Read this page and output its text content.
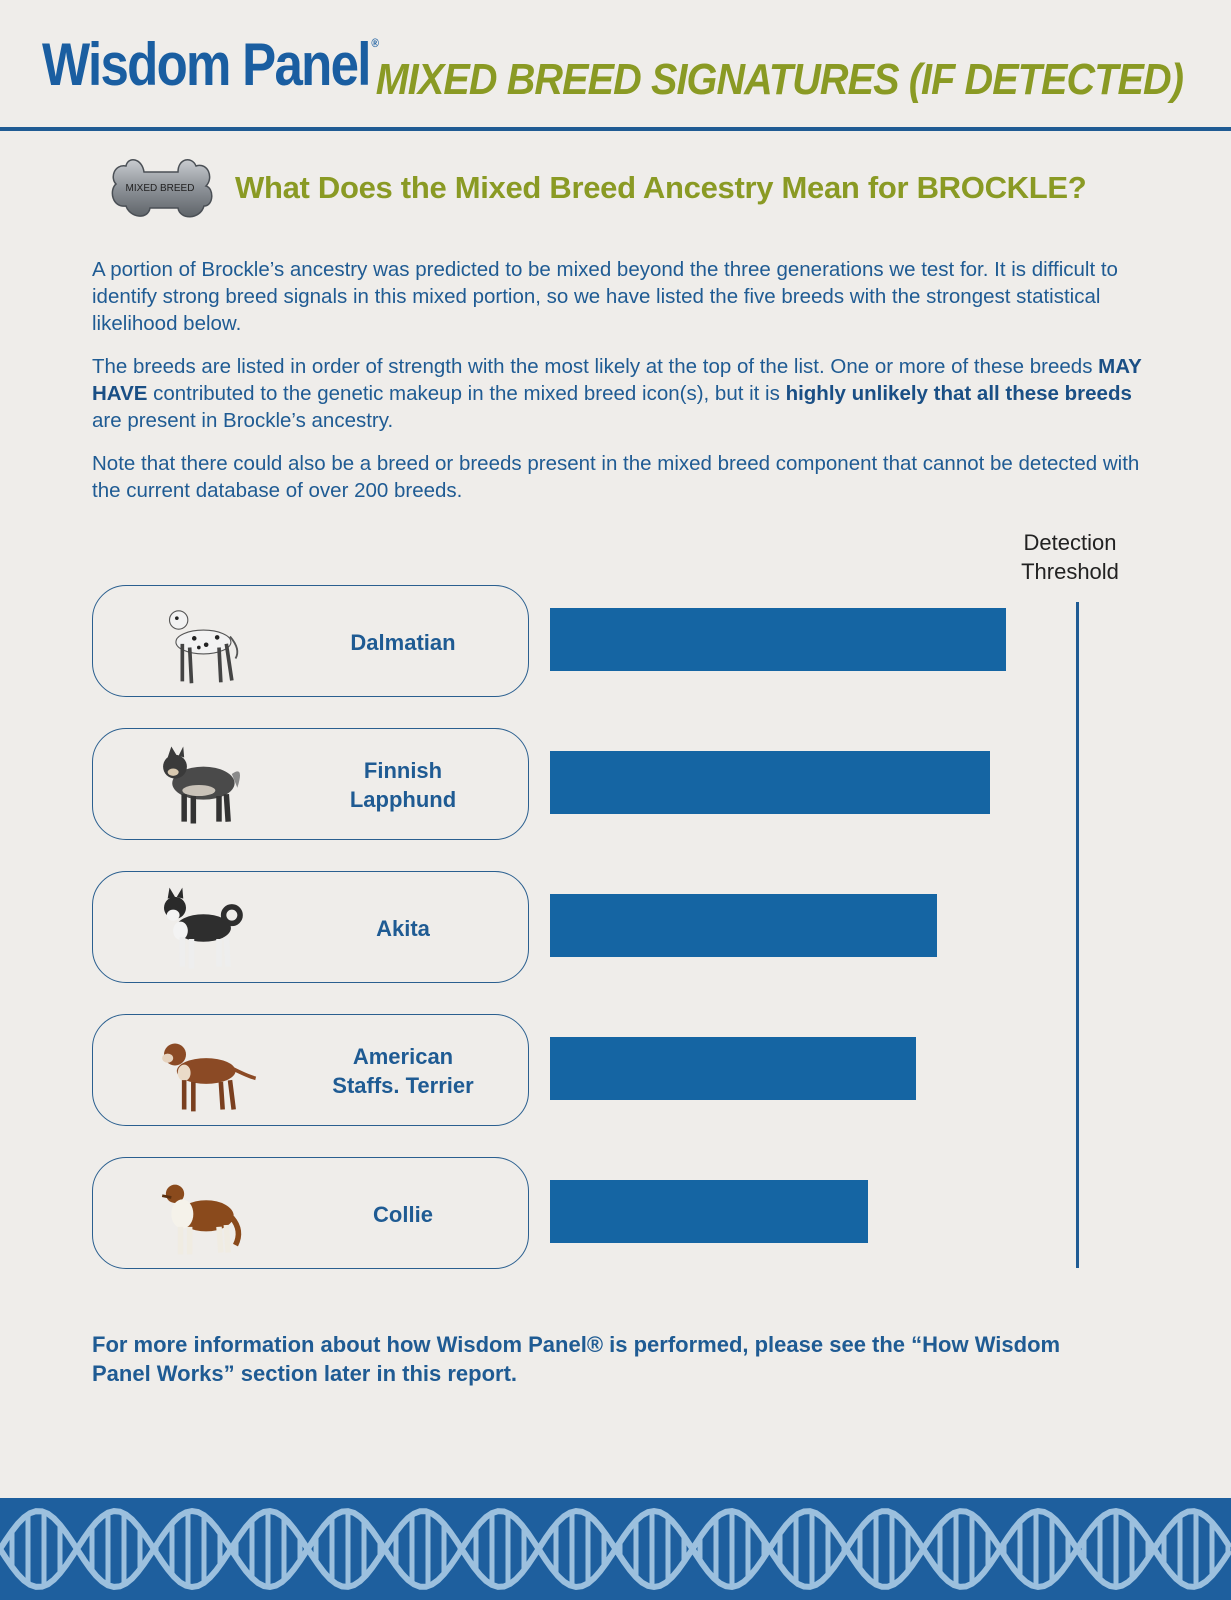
Wisdom Panel ®
MIXED BREED SIGNATURES (IF DETECTED)
MIXED BREED What Does the Mixed Breed Ancestry Mean for BROCKLE?

A portion of Brockle’s ancestry was predicted to be mixed beyond the three generations we test for. It is difficult to identify strong breed signals in this mixed portion, so we have listed the five breeds with the strongest statistical likelihood below.

The breeds are listed in order of strength with the most likely at the top of the list. One or more of these breeds MAY HAVE contributed to the genetic makeup in the mixed breed icon(s), but it is highly unlikely that all these breeds are present in Brockle’s ancestry.

Note that there could also be a breed or breeds present in the mixed breed component that cannot be detected with the current database of over 200 breeds.

Detection Threshold
Dalmatian
Finnish
Lapphund
Akita
American
Staffs. Terrier
Collie
For more information about how Wisdom Panel® is performed, please see the “How Wisdom Panel Works” section later in this report.
